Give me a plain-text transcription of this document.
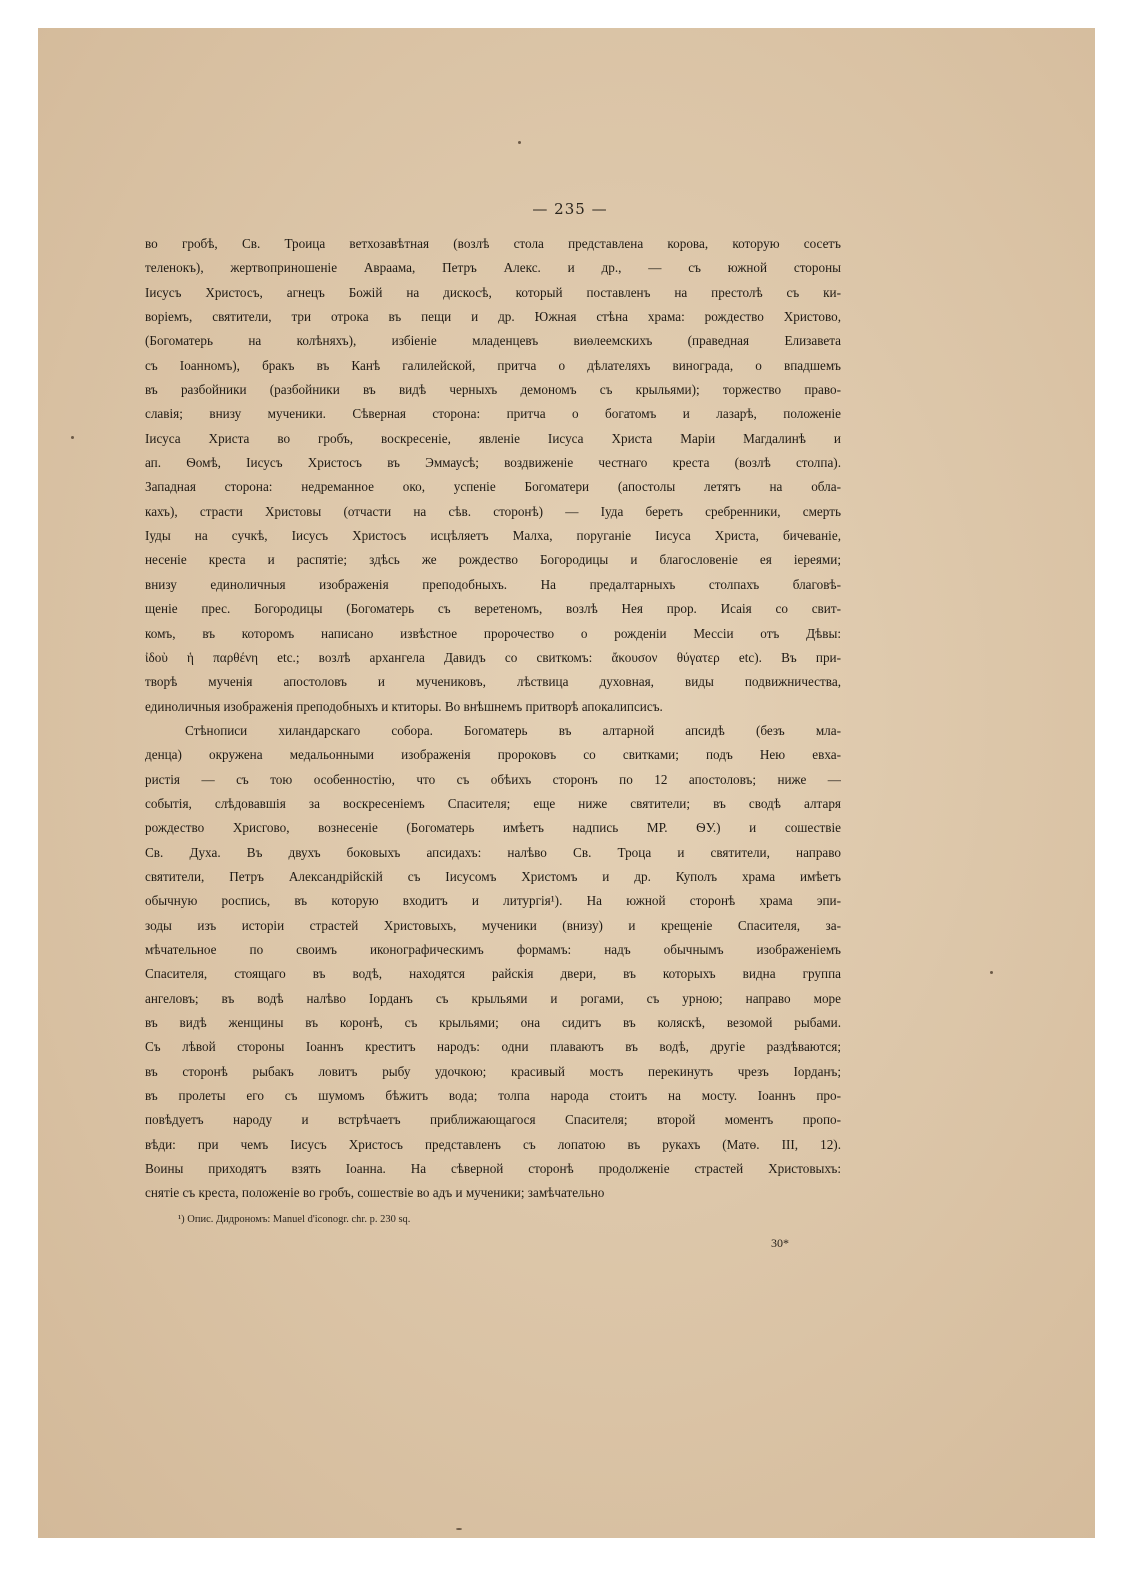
— 235 —
во гробѣ, Св. Троица ветхозавѣтная (возлѣ стола представлена корова, которую сосетъ
теленокъ), жертвоприношеніе Авраама, Петръ Алекс. и др., — съ южной стороны
Іисусъ Христосъ, агнецъ Божій на дискосѣ, который поставленъ на престолѣ съ ки-
воріемъ, святители, три отрока въ пещи и др. Южная стѣна храма: рождество Христово,
(Богоматерь на колѣняхъ), избіеніе младенцевъ виѳлеемскихъ (праведная Елизавета
съ Іоанномъ), бракъ въ Канѣ галилейской, притча о дѣлателяхъ винограда, о впадшемъ
въ разбойники (разбойники въ видѣ черныхъ демономъ съ крыльями); торжество право-
славія; внизу мученики. Сѣверная сторона: притча о богатомъ и лазарѣ, положеніе
Іисуса Христа во гробъ, воскресеніе, явленіе Іисуса Христа Маріи Магдалинѣ и
ап. Ѳомѣ, Іисусъ Христосъ въ Эммаусѣ; воздвиженіе честнаго креста (возлѣ столпа).
Западная сторона: недреманное око, успеніе Богоматери (апостолы летятъ на обла-
кахъ), страсти Христовы (отчасти на сѣв. сторонѣ) — Іуда беретъ сребренники, смерть
Іуды на сучкѣ, Іисусъ Христосъ исцѣляетъ Малха, поруганіе Іисуса Христа, бичеваніе,
несеніе креста и распятіе; здѣсь же рождество Богородицы и благословеніе ея іереями;
внизу единоличныя изображенія преподобныхъ. На предалтарныхъ столпахъ благовѣ-
щеніе прес. Богородицы (Богоматерь съ веретеномъ, возлѣ Нея прор. Исаія со свит-
комъ, въ которомъ написано извѣстное пророчество о рожденіи Мессіи отъ Дѣвы:
ἰδοὺ ἡ παρθένη etc.; возлѣ архангела Давидъ со свиткомъ: ἄκουσον θύγατερ etc). Въ при-
творѣ мученія апостоловъ и мучениковъ, лѣствица духовная, виды подвижничества,
единоличныя изображенія преподобныхъ и ктиторы. Во внѣшнемъ притворѣ апокалипсисъ.
Стѣнописи хиландарскаго собора. Богоматерь въ алтарной апсидѣ (безъ мла-
денца) окружена медальонными изображенія пророковъ со свитками; подъ Нею евха-
ристія — съ тою особенностію, что съ обѣихъ сторонъ по 12 апостоловъ; ниже —
событія, слѣдовавшія за воскресеніемъ Спасителя; еще ниже святители; въ сводѣ алтаря
рождество Хрисгово, вознесеніе (Богоматерь имѣетъ надпись МР. ѲУ.) и сошествіе
Св. Духа. Въ двухъ боковыхъ апсидахъ: налѣво Св. Троца и святители, направо
святители, Петръ Александрійскій съ Іисусомъ Христомъ и др. Куполъ храма имѣетъ
обычную роспись, въ которую входитъ и литургія¹). На южной сторонѣ храма эпи-
зоды изъ исторіи страстей Христовыхъ, мученики (внизу) и крещеніе Спасителя, за-
мѣчательное по своимъ иконографическимъ формамъ: надъ обычнымъ изображеніемъ
Спасителя, стоящаго въ водѣ, находятся райскія двери, въ которыхъ видна группа
ангеловъ; въ водѣ налѣво Іорданъ съ крыльями и рогами, съ урною; направо море
въ видѣ женщины въ коронѣ, съ крыльями; она сидитъ въ коляскѣ, везомой рыбами.
Съ лѣвой стороны Іоаннъ креститъ народъ: одни плаваютъ въ водѣ, другіе раздѣваются;
въ сторонѣ рыбакъ ловитъ рыбу удочкою; красивый мостъ перекинутъ чрезъ Іорданъ;
въ пролеты его съ шумомъ бѣжитъ вода; толпа народа стоитъ на мосту. Іоаннъ про-
повѣдуетъ народу и встрѣчаетъ приближающагося Спасителя; второй моментъ пропо-
вѣди: при чемъ Іисусъ Христосъ представленъ съ лопатою въ рукахъ (Матѳ. III, 12).
Воины приходятъ взять Іоанна. На сѣверной сторонѣ продолженіе страстей Христовыхъ:
снятіе съ креста, положеніе во гробъ, сошествіе во адъ и мученики; замѣчательно
¹) Опис. Дидрономъ: Manuel d'iconogr. chr. p. 230 sq.
30*
